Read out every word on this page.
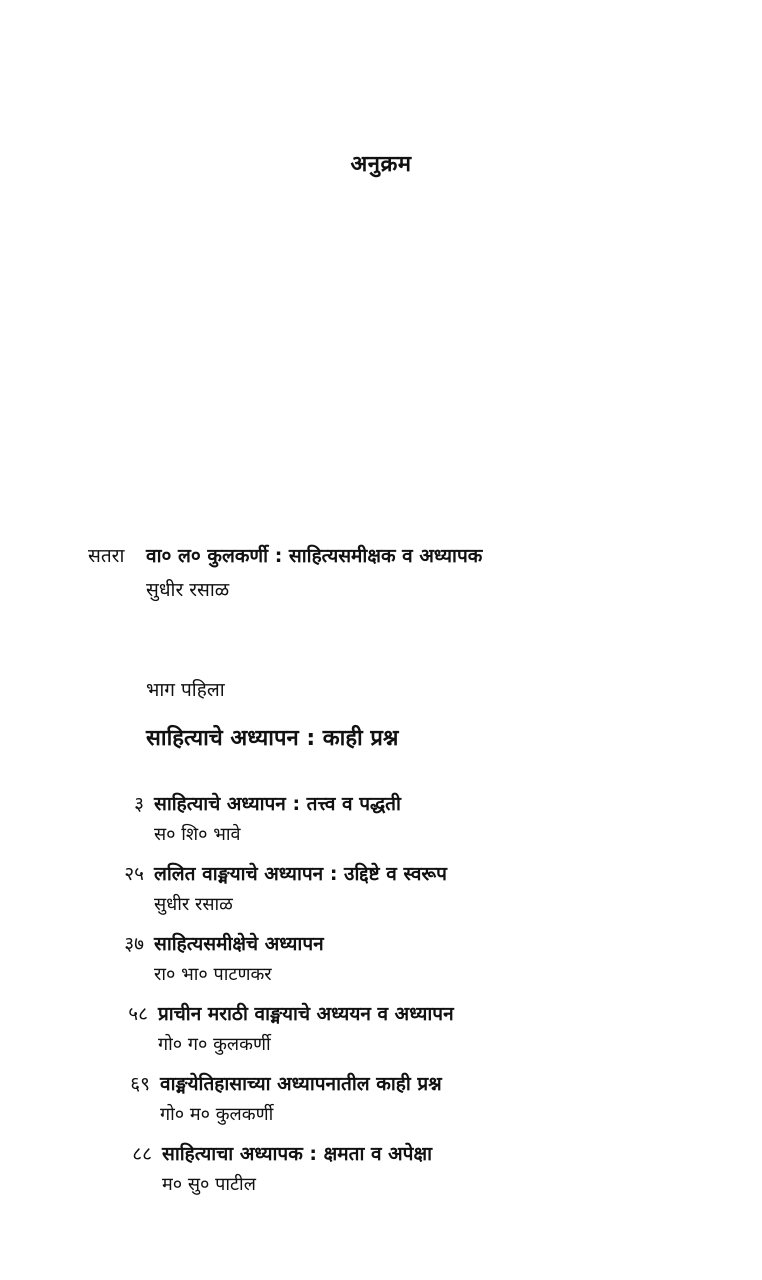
अनुक्रम
सतरा	वा० ल० कुलकर्णी : साहित्यसमीक्षक व अध्यापक
सुधीर रसाळ
भाग पहिला
साहित्याचे अध्यापन : काही प्रश्न
३ साहित्याचे अध्यापन : तत्त्व व पद्धती
स० शि० भावे
२५ ललित वाङ्मयाचे अध्यापन : उद्दिष्टे व स्वरूप
सुधीर रसाळ
३७ साहित्यसमीक्षेचे अध्यापन
रा० भा० पाटणकर
५८ प्राचीन मराठी वाङ्मयाचे अध्ययन व अध्यापन
गो० ग० कुलकर्णी
६९ वाङ्मयेतिहासाच्या अध्यापनातील काही प्रश्न
गो० म० कुलकर्णी
८८ साहित्याचा अध्यापक : क्षमता व अपेक्षा
म० सु० पाटील
